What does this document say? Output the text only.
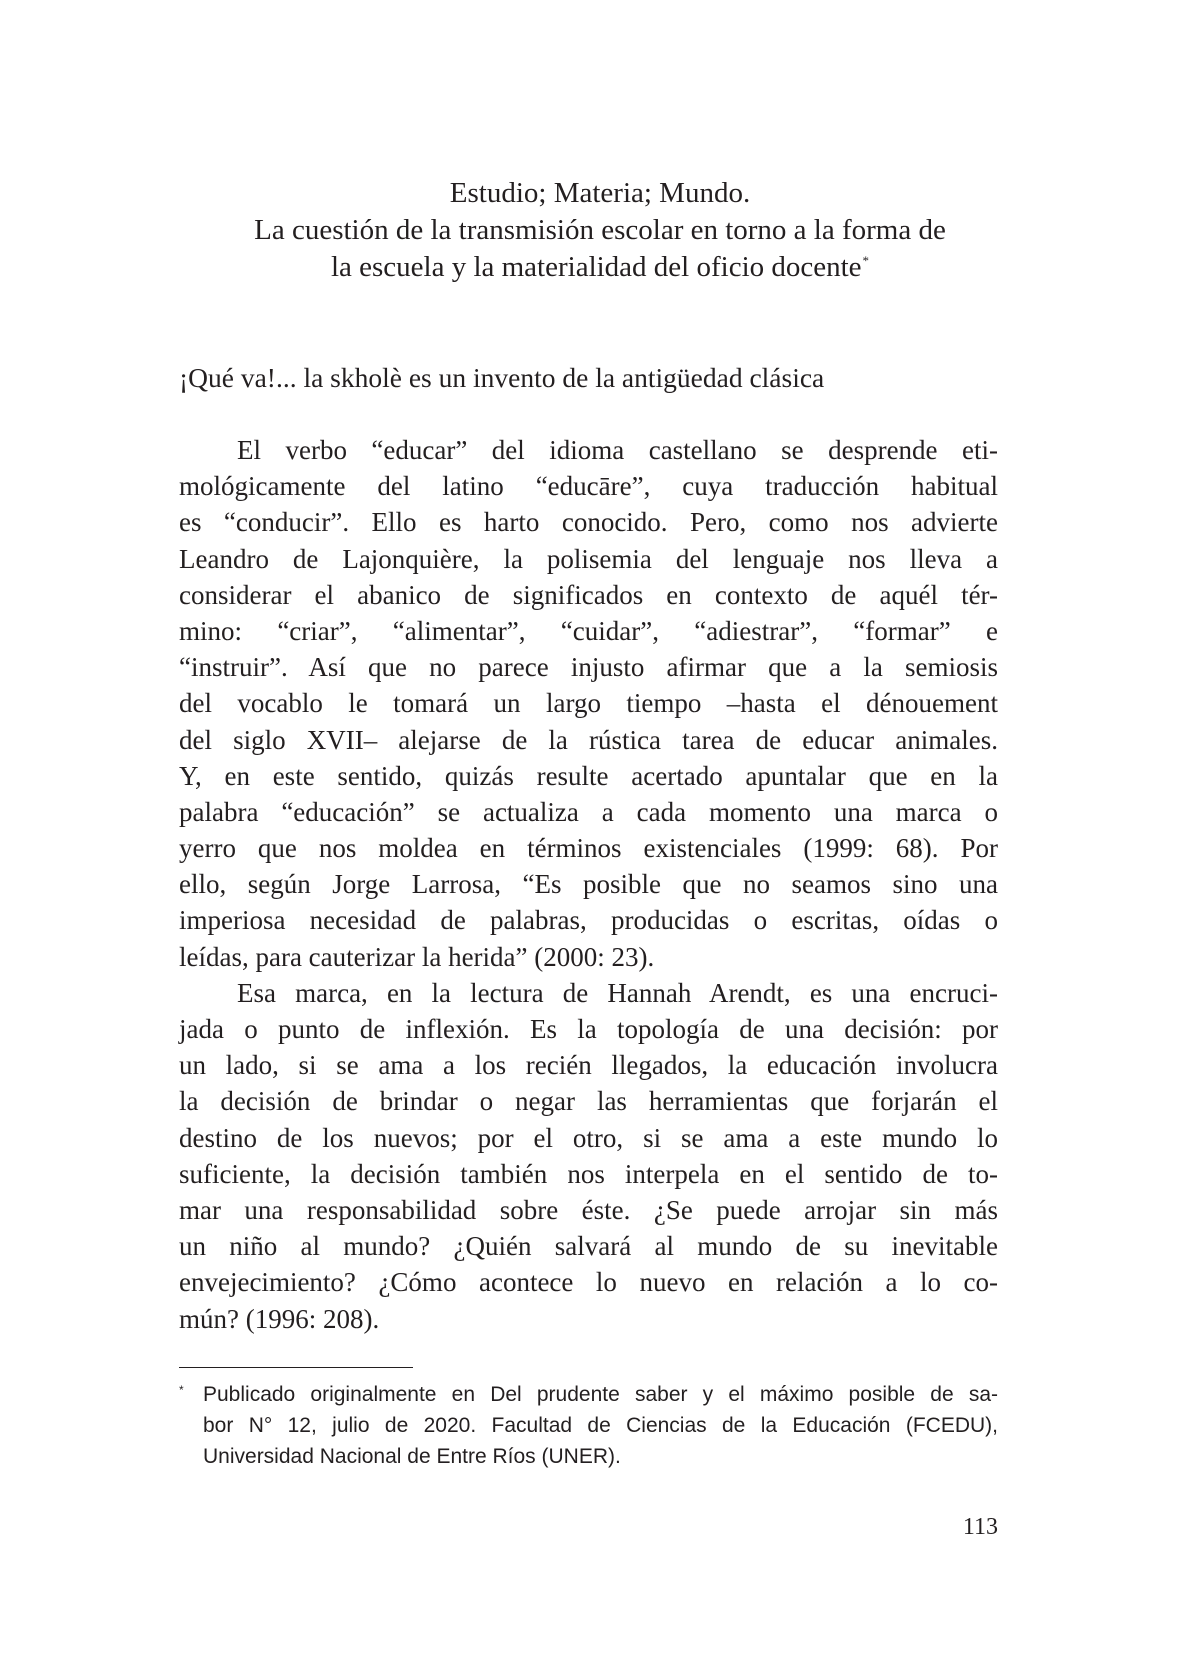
Estudio; Materia; Mundo.
La cuestión de la transmisión escolar en torno a la forma de
la escuela y la materialidad del oficio docente*
¡Qué va!... la skholè es un invento de la antigüedad clásica
El verbo “educar” del idioma castellano se desprende eti-
mológicamente del latino “educāre”, cuya traducción habitual
es “conducir”. Ello es harto conocido. Pero, como nos advierte
Leandro de Lajonquière, la polisemia del lenguaje nos lleva a
considerar el abanico de significados en contexto de aquél tér-
mino: “criar”, “alimentar”, “cuidar”, “adiestrar”, “formar” e
“instruir”. Así que no parece injusto afirmar que a la semiosis
del vocablo le tomará un largo tiempo –hasta el dénouement
del siglo XVII– alejarse de la rústica tarea de educar animales.
Y, en este sentido, quizás resulte acertado apuntalar que en la
palabra “educación” se actualiza a cada momento una marca o
yerro que nos moldea en términos existenciales (1999: 68). Por
ello, según Jorge Larrosa, “Es posible que no seamos sino una
imperiosa necesidad de palabras, producidas o escritas, oídas o
leídas, para cauterizar la herida” (2000: 23).
Esa marca, en la lectura de Hannah Arendt, es una encruci-
jada o punto de inflexión. Es la topología de una decisión: por
un lado, si se ama a los recién llegados, la educación involucra
la decisión de brindar o negar las herramientas que forjarán el
destino de los nuevos; por el otro, si se ama a este mundo lo
suficiente, la decisión también nos interpela en el sentido de to-
mar una responsabilidad sobre éste. ¿Se puede arrojar sin más
un niño al mundo? ¿Quién salvará al mundo de su inevitable
envejecimiento? ¿Cómo acontece lo nuevo en relación a lo co-
mún? (1996: 208).
* Publicado originalmente en Del prudente saber y el máximo posible de sa-
bor N° 12, julio de 2020. Facultad de Ciencias de la Educación (FCEDU),
Universidad Nacional de Entre Ríos (UNER).
113
